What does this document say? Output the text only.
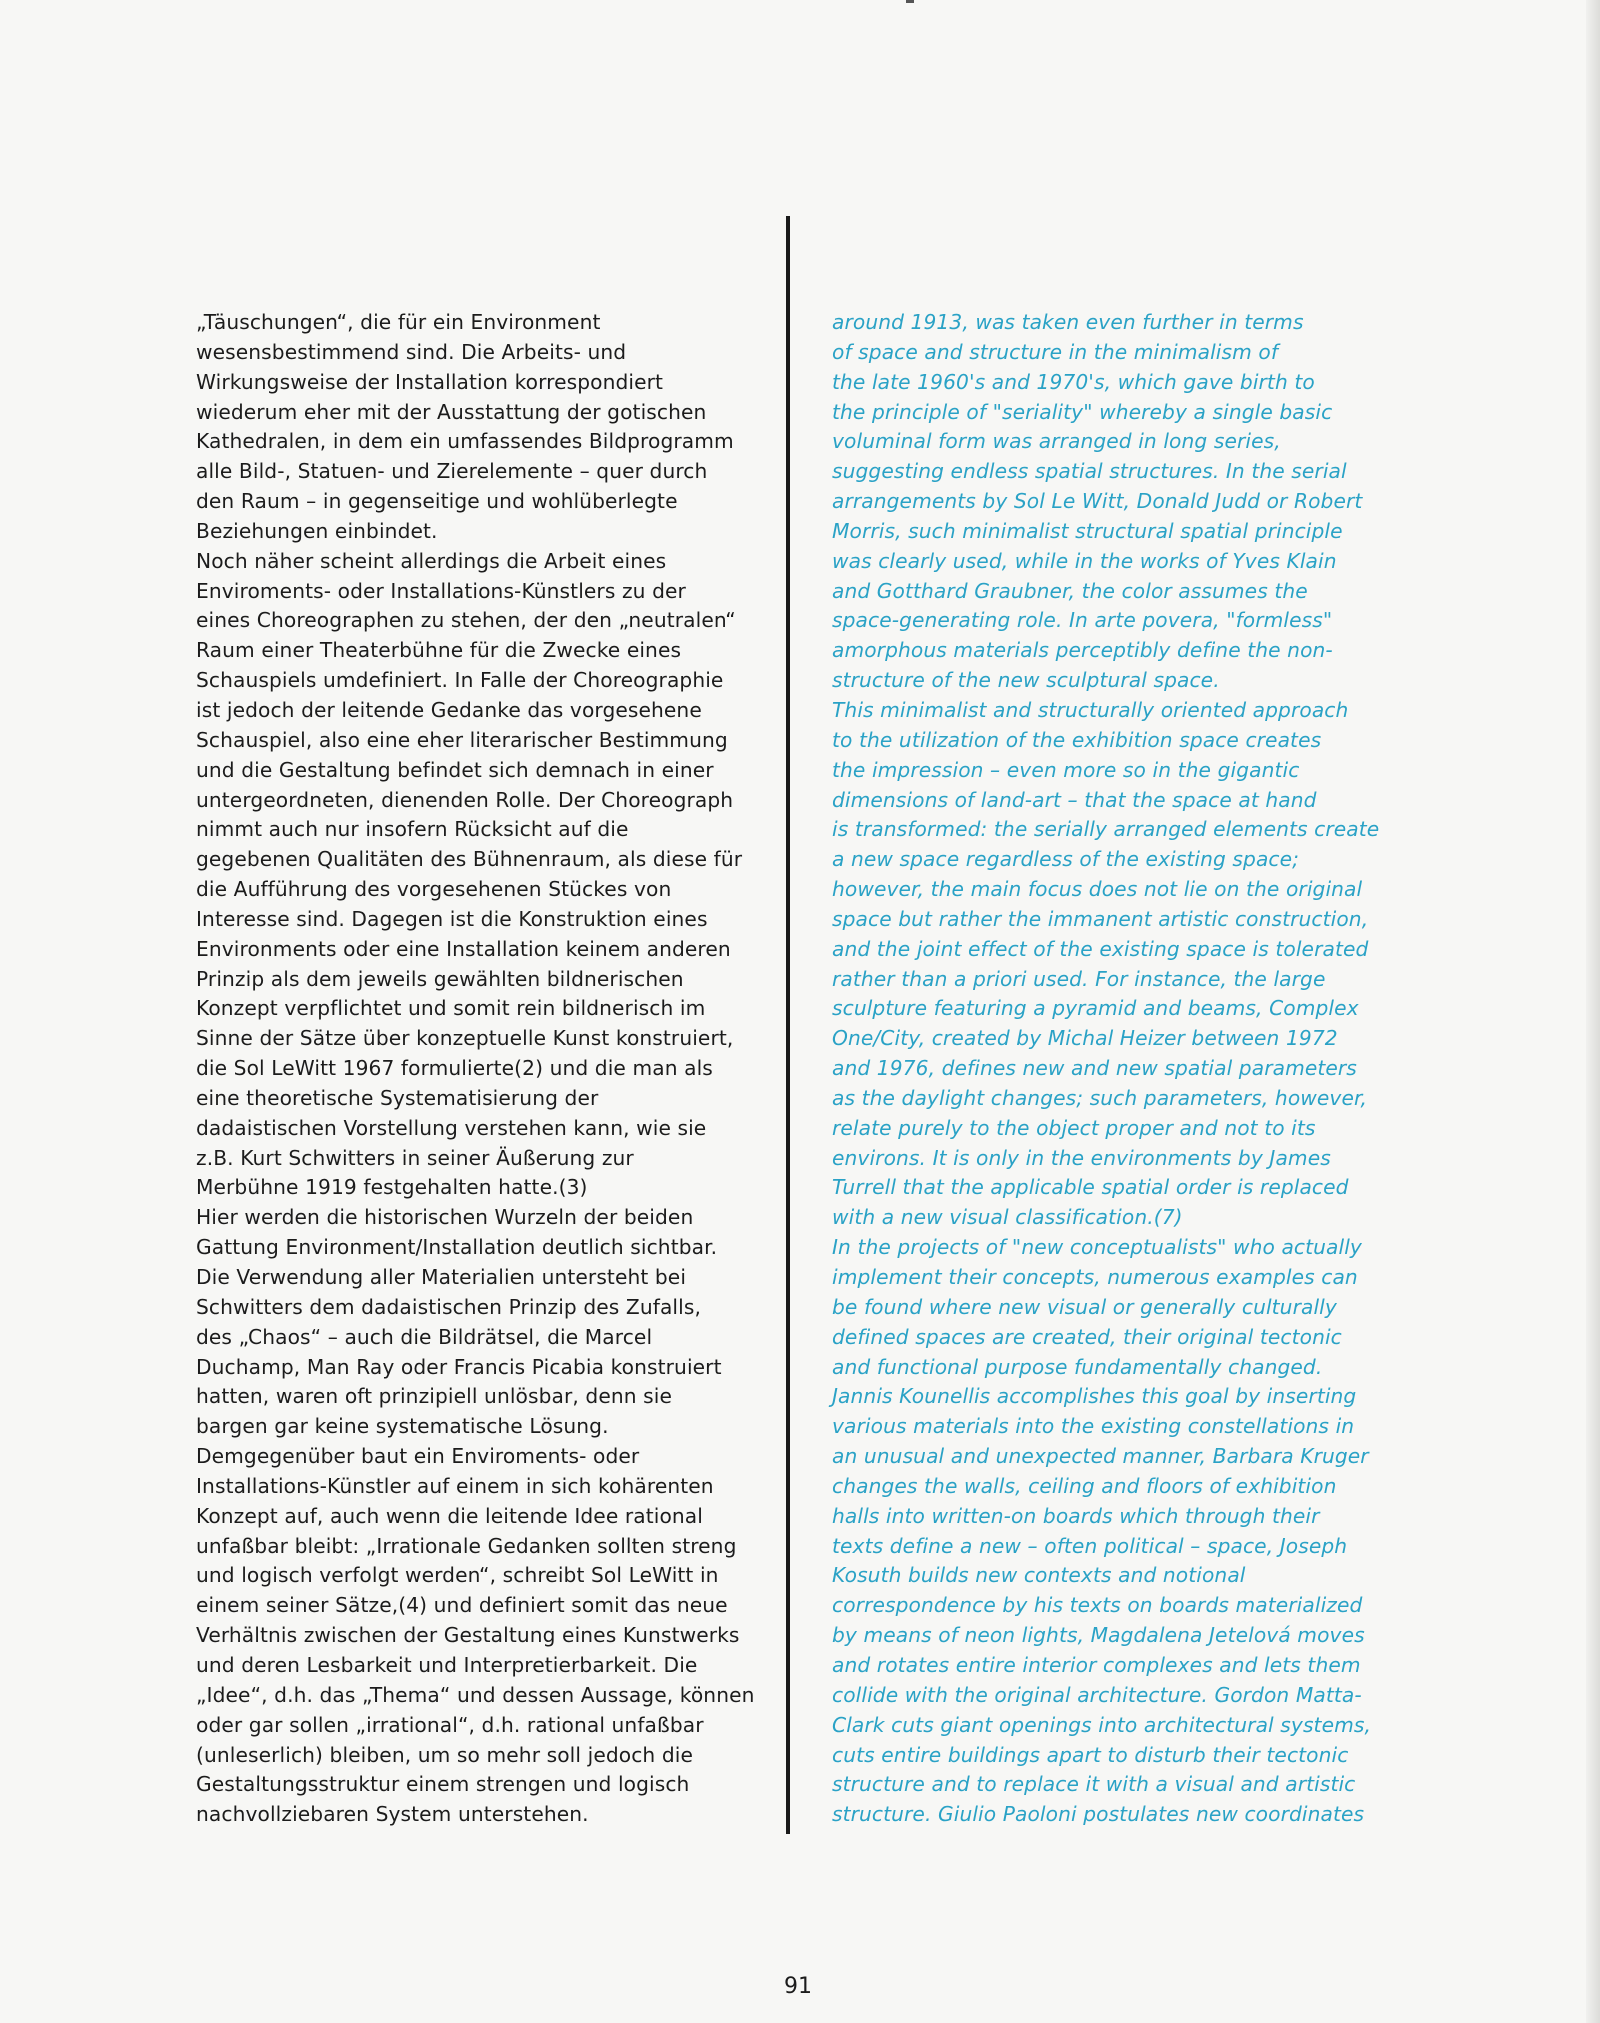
„Täuschungen“, die für ein Environment
wesensbestimmend sind. Die Arbeits- und
Wirkungsweise der Installation korrespondiert
wiederum eher mit der Ausstattung der gotischen
Kathedralen, in dem ein umfassendes Bildprogramm
alle Bild-, Statuen- und Zierelemente – quer durch
den Raum – in gegenseitige und wohlüberlegte
Beziehungen einbindet.
Noch näher scheint allerdings die Arbeit eines
Enviroments- oder Installations-Künstlers zu der
eines Choreographen zu stehen, der den „neutralen“
Raum einer Theaterbühne für die Zwecke eines
Schauspiels umdefiniert. In Falle der Choreographie
ist jedoch der leitende Gedanke das vorgesehene
Schauspiel, also eine eher literarischer Bestimmung
und die Gestaltung befindet sich demnach in einer
untergeordneten, dienenden Rolle. Der Choreograph
nimmt auch nur insofern Rücksicht auf die
gegebenen Qualitäten des Bühnenraum, als diese für
die Aufführung des vorgesehenen Stückes von
Interesse sind. Dagegen ist die Konstruktion eines
Environments oder eine Installation keinem anderen
Prinzip als dem jeweils gewählten bildnerischen
Konzept verpflichtet und somit rein bildnerisch im
Sinne der Sätze über konzeptuelle Kunst konstruiert,
die Sol LeWitt 1967 formulierte(2) und die man als
eine theoretische Systematisierung der
dadaistischen Vorstellung verstehen kann, wie sie
z.B. Kurt Schwitters in seiner Äußerung zur
Merbühne 1919 festgehalten hatte.(3)
Hier werden die historischen Wurzeln der beiden
Gattung Environment/Installation deutlich sichtbar.
Die Verwendung aller Materialien untersteht bei
Schwitters dem dadaistischen Prinzip des Zufalls,
des „Chaos“ – auch die Bildrätsel, die Marcel
Duchamp, Man Ray oder Francis Picabia konstruiert
hatten, waren oft prinzipiell unlösbar, denn sie
bargen gar keine systematische Lösung.
Demgegenüber baut ein Enviroments- oder
Installations-Künstler auf einem in sich kohärenten
Konzept auf, auch wenn die leitende Idee rational
unfaßbar bleibt: „Irrationale Gedanken sollten streng
und logisch verfolgt werden“, schreibt Sol LeWitt in
einem seiner Sätze,(4) und definiert somit das neue
Verhältnis zwischen der Gestaltung eines Kunstwerks
und deren Lesbarkeit und Interpretierbarkeit. Die
„Idee“, d.h. das „Thema“ und dessen Aussage, können
oder gar sollen „irrational“, d.h. rational unfaßbar
(unleserlich) bleiben, um so mehr soll jedoch die
Gestaltungsstruktur einem strengen und logisch
nachvollziebaren System unterstehen.
around 1913, was taken even further in terms
of space and structure in the minimalism of
the late 1960's and 1970's, which gave birth to
the principle of "seriality" whereby a single basic
voluminal form was arranged in long series,
suggesting endless spatial structures. In the serial
arrangements by Sol Le Witt, Donald Judd or Robert
Morris, such minimalist structural spatial principle
was clearly used, while in the works of Yves Klain
and Gotthard Graubner, the color assumes the
space-generating role. In arte povera, "formless"
amorphous materials perceptibly define the non-
structure of the new sculptural space.
This minimalist and structurally oriented approach
to the utilization of the exhibition space creates
the impression – even more so in the gigantic
dimensions of land-art – that the space at hand
is transformed: the serially arranged elements create
a new space regardless of the existing space;
however, the main focus does not lie on the original
space but rather the immanent artistic construction,
and the joint effect of the existing space is tolerated
rather than a priori used. For instance, the large
sculpture featuring a pyramid and beams, Complex
One/City, created by Michal Heizer between 1972
and 1976, defines new and new spatial parameters
as the daylight changes; such parameters, however,
relate purely to the object proper and not to its
environs. It is only in the environments by James
Turrell that the applicable spatial order is replaced
with a new visual classification.(7)
In the projects of "new conceptualists" who actually
implement their concepts, numerous examples can
be found where new visual or generally culturally
defined spaces are created, their original tectonic
and functional purpose fundamentally changed.
Jannis Kounellis accomplishes this goal by inserting
various materials into the existing constellations in
an unusual and unexpected manner, Barbara Kruger
changes the walls, ceiling and floors of exhibition
halls into written-on boards which through their
texts define a new – often political – space, Joseph
Kosuth builds new contexts and notional
correspondence by his texts on boards materialized
by means of neon lights, Magdalena Jetelová moves
and rotates entire interior complexes and lets them
collide with the original architecture. Gordon Matta-
Clark cuts giant openings into architectural systems,
cuts entire buildings apart to disturb their tectonic
structure and to replace it with a visual and artistic
structure. Giulio Paoloni postulates new coordinates
91
